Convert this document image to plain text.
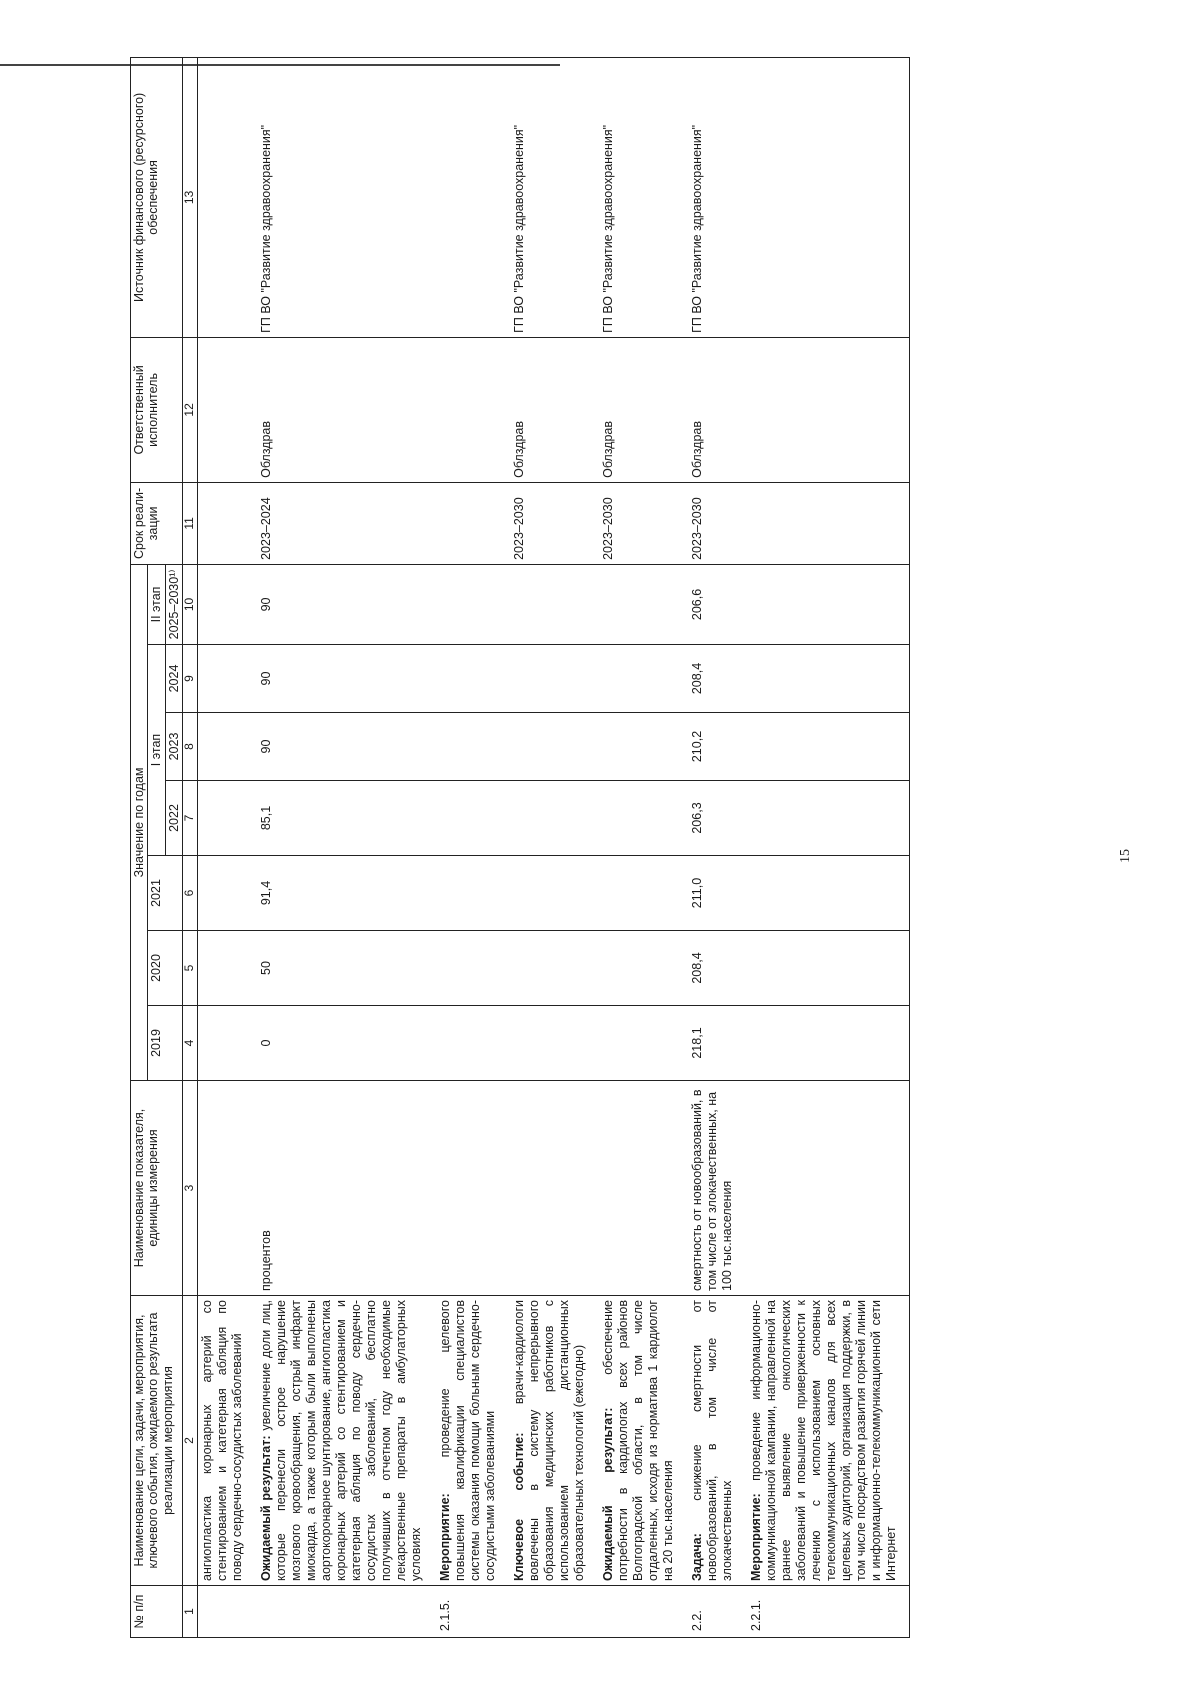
15
№ п/п	Наименование цели, задачи, мероприятия, ключевого события, ожидаемого результата реализации мероприятия	Наименование показателя, единицы измерения	Значение по годам							Срок реали-зации	Ответственный исполнитель	Источник финансового (ресурсного) обеспечения
			2019	2020	2021	I этап			II этап			
						2022	2023	2024	2025–2030¹⁾			

1	2	3	4	5	6	7	8	9	10	11	12	13
	ангиопластика коронарных артерий со стентированием и катетерная абляция по поводу сердечно-сосудистых заболеваний											
	Ожидаемый результат: увеличение доли лиц, которые перенесли острое нарушение мозгового кровообращения, острый инфаркт миокарда, а также которым были выполнены аортокоронарное шунтирование, ангиопластика коронарных артерий со стентированием и катетерная абляция по поводу сердечно-сосудистых заболеваний, бесплатно получивших в отчетном году необходимые лекарственные препараты в амбулаторных условиях	процентов	0	50	91,4	85,1	90	90	90	2023–2024	Облздрав	ГП ВО "Развитие здравоохранения"
2.1.5.	Мероприятие: проведение целевого повышения квалификации специалистов системы оказания помощи больным сердечно-сосудистыми заболеваниями											
	Ключевое событие: врачи-кардиологи вовлечены в систему непрерывного образования медицинских работников с использованием дистанционных образовательных технологий (ежегодно)									2023–2030	Облздрав	ГП ВО "Развитие здравоохранения"
	Ожидаемый результат: обеспечение потребности в кардиологах всех районов Волгоградской области, в том числе отдаленных, исходя из норматива 1 кардиолог на 20 тыс.населения									2023–2030	Облздрав	ГП ВО "Развитие здравоохранения"
2.2.	Задача: снижение смертности от новообразований, в том числе от злокачественных	смертность от новообразований, в том числе от злокачественных, на 100 тыс.населения	218,1	208,4	211,0	206,3	210,2	208,4	206,6	2023–2030	Облздрав	ГП ВО "Развитие здравоохранения"
2.2.1.	Мероприятие: проведение информационно-коммуникационной кампании, направленной на раннее выявление онкологических заболеваний и повышение приверженности к лечению с использованием основных телекоммуникационных каналов для всех целевых аудиторий, организация поддержки, в том числе посредством развития горячей линии и информационно-телекоммуникационной сети Интернет											
